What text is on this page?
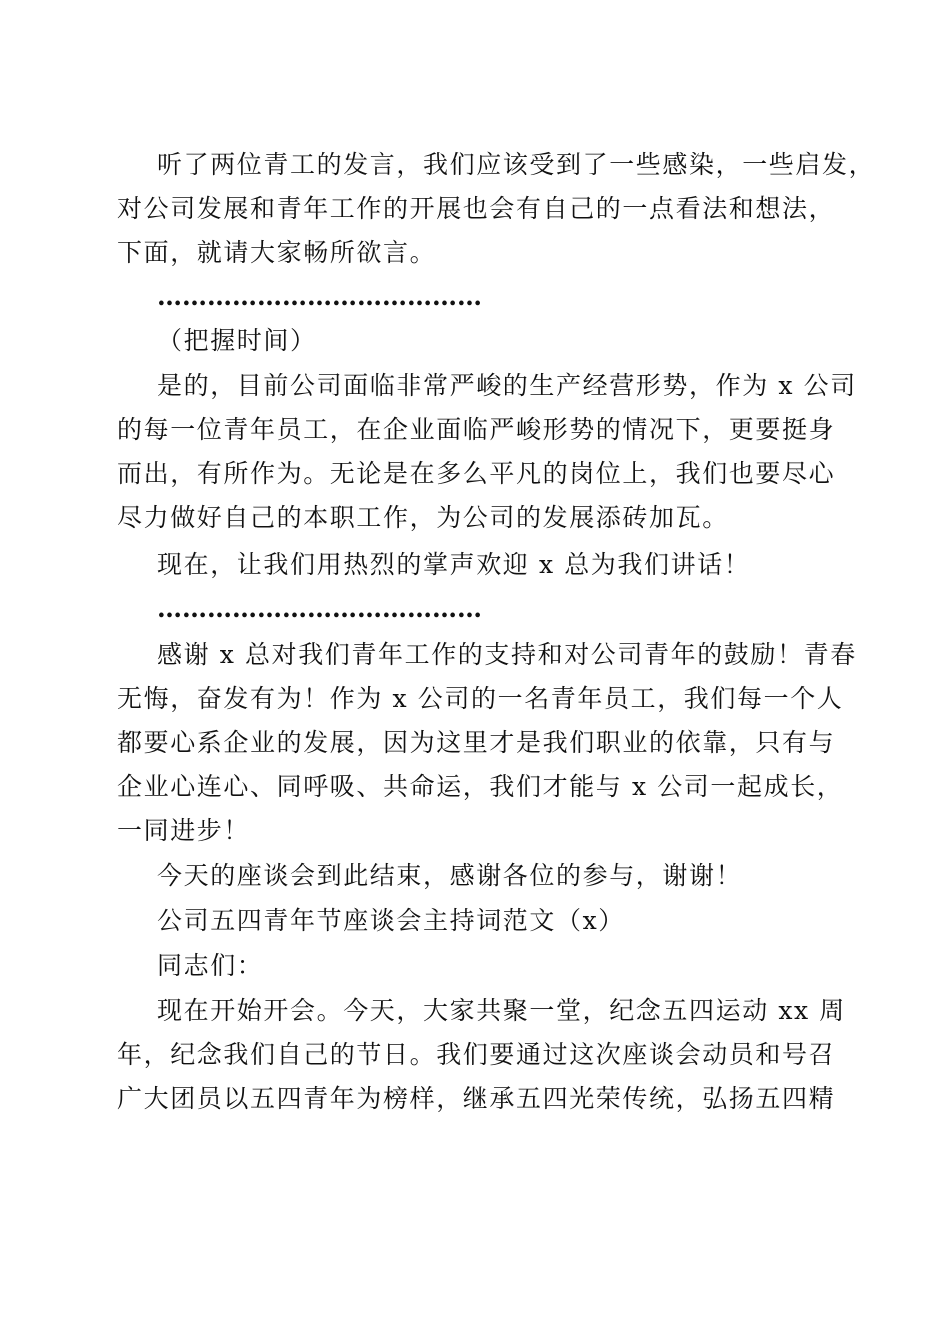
听了两位青工的发言，我们应该受到了一些感染，一些启发，
对公司发展和青年工作的开展也会有自己的一点看法和想法，
下面，就请大家畅所欲言。
…………………………………
（把握时间）
是的，目前公司面临非常严峻的生产经营形势，作为 x 公司
的每一位青年员工，在企业面临严峻形势的情况下，更要挺身
而出，有所作为。无论是在多么平凡的岗位上，我们也要尽心
尽力做好自己的本职工作，为公司的发展添砖加瓦。
现在，让我们用热烈的掌声欢迎 x 总为我们讲话！
…………………………………
感谢 x 总对我们青年工作的支持和对公司青年的鼓励！青春
无悔，奋发有为！作为 x 公司的一名青年员工，我们每一个人
都要心系企业的发展，因为这里才是我们职业的依靠，只有与
企业心连心、同呼吸、共命运，我们才能与 x 公司一起成长，
一同进步！
今天的座谈会到此结束，感谢各位的参与，谢谢！
公司五四青年节座谈会主持词范文（x）
同志们：
现在开始开会。今天，大家共聚一堂，纪念五四运动 xx 周
年，纪念我们自己的节日。我们要通过这次座谈会动员和号召
广大团员以五四青年为榜样，继承五四光荣传统，弘扬五四精
